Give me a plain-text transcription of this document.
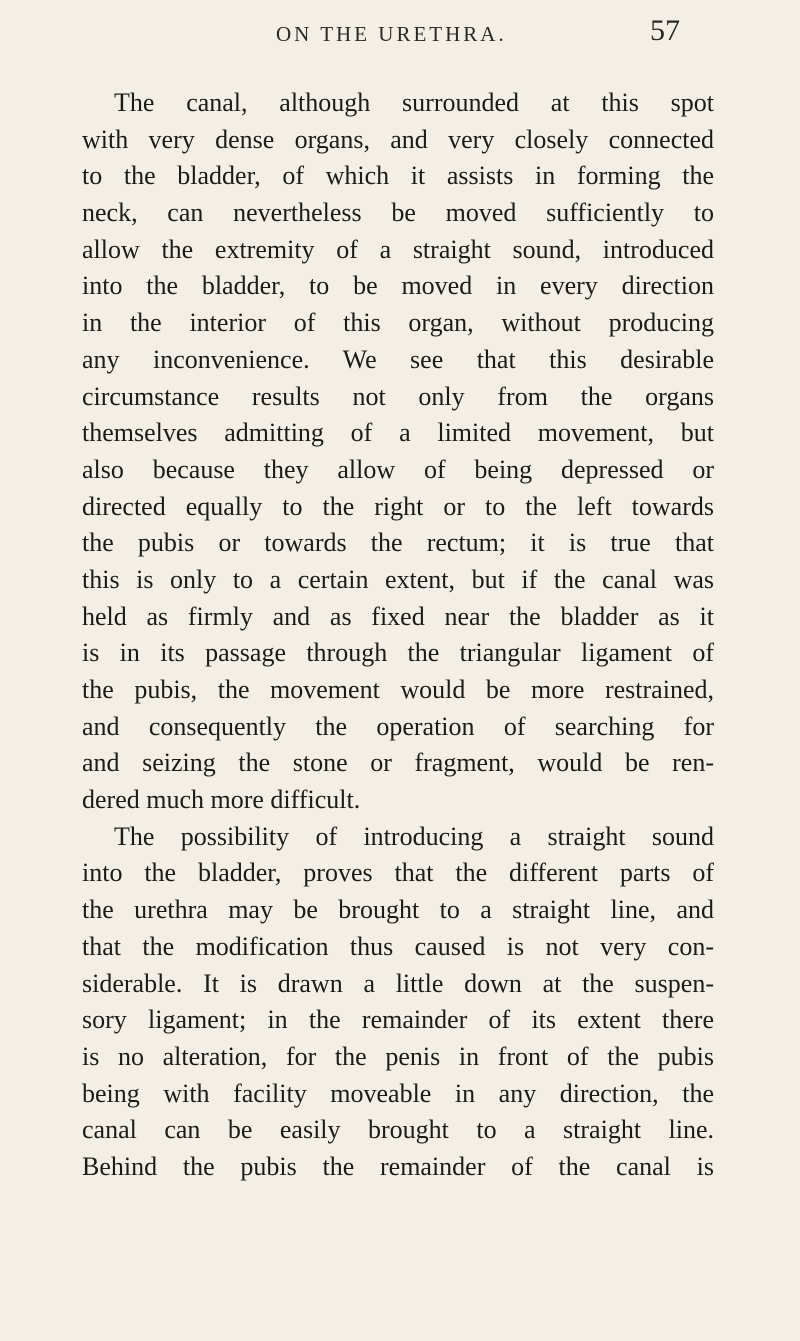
ON THE URETHRA.	57
The canal, although surrounded at this spot
with very dense organs, and very closely connected
to the bladder, of which it assists in forming the
neck, can nevertheless be moved sufficiently to
allow the extremity of a straight sound, introduced
into the bladder, to be moved in every direction
in the interior of this organ, without producing
any inconvenience. We see that this desirable
circumstance results not only from the organs
themselves admitting of a limited movement, but
also because they allow of being depressed or
directed equally to the right or to the left towards
the pubis or towards the rectum; it is true that
this is only to a certain extent, but if the canal was
held as firmly and as fixed near the bladder as it
is in its passage through the triangular ligament of
the pubis, the movement would be more restrained,
and consequently the operation of searching for
and seizing the stone or fragment, would be ren-
dered much more difficult.
The possibility of introducing a straight sound
into the bladder, proves that the different parts of
the urethra may be brought to a straight line, and
that the modification thus caused is not very con-
siderable. It is drawn a little down at the suspen-
sory ligament; in the remainder of its extent there
is no alteration, for the penis in front of the pubis
being with facility moveable in any direction, the
canal can be easily brought to a straight line.
Behind the pubis the remainder of the canal is
